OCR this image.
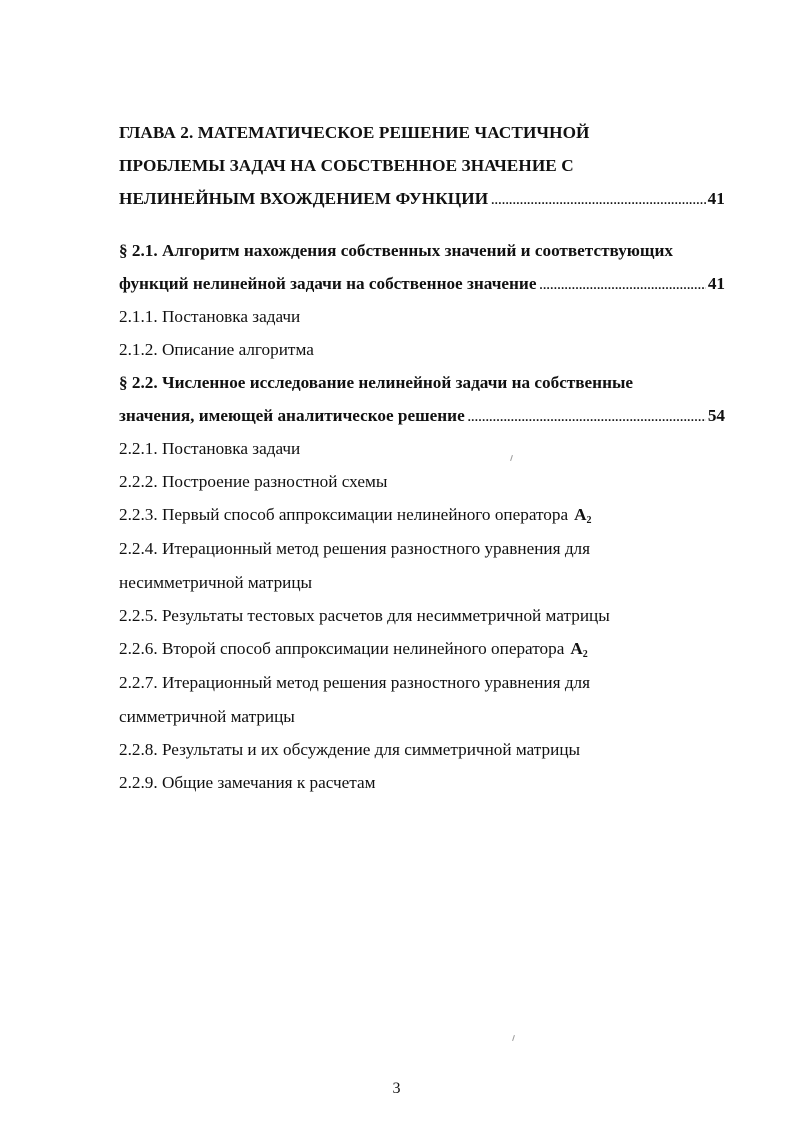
ГЛАВА 2. МАТЕМАТИЧЕСКОЕ РЕШЕНИЕ ЧАСТИЧНОЙ
ПРОБЛЕМЫ ЗАДАЧ НА СОБСТВЕННОЕ ЗНАЧЕНИЕ С
НЕЛИНЕЙНЫМ ВХОЖДЕНИЕМ ФУНКЦИИ .....	41
§ 2.1. Алгоритм нахождения собственных значений и соответствующих
функций нелинейной задачи на собственное значение .....	41
2.1.1. Постановка задачи
2.1.2. Описание алгоритма
§ 2.2. Численное исследование нелинейной задачи на собственные
значения, имеющей аналитическое решение .....	54
2.2.1. Постановка задачи
2.2.2. Построение разностной схемы
2.2.3. Первый способ аппроксимации нелинейного оператора $A_2$
2.2.4. Итерационный метод решения разностного уравнения для
несимметричной матрицы
2.2.5. Результаты тестовых расчетов для несимметричной матрицы
2.2.6. Второй способ аппроксимации нелинейного оператора $A_2$
2.2.7. Итерационный метод решения разностного уравнения для
симметричной матрицы
2.2.8. Результаты и их обсуждение для симметричной матрицы
2.2.9. Общие замечания к расчетам
3
